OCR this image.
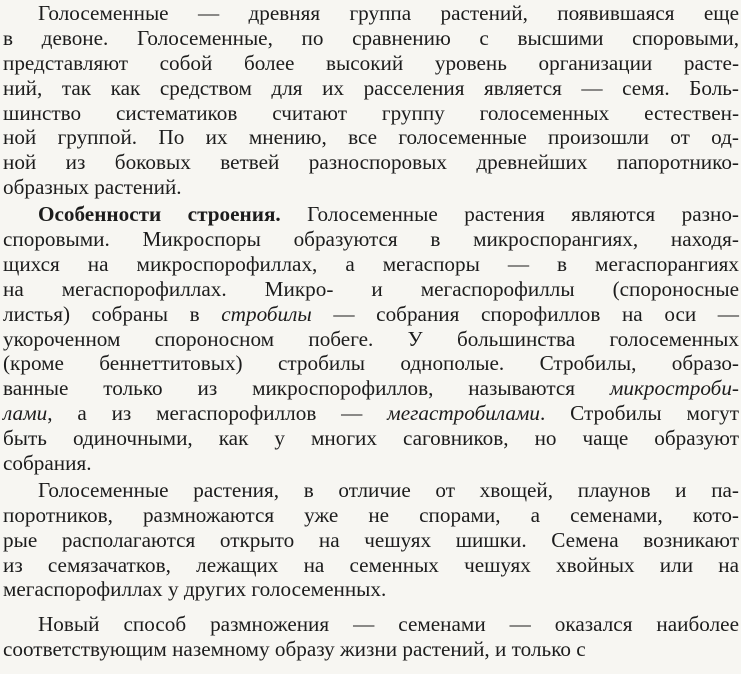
Голосеменные — древняя группа растений, появившаяся еще
в девоне. Голосеменные, по сравнению с высшими споровыми,
представляют собой более высокий уровень организации расте-
ний, так как средством для их расселения является — семя. Боль-
шинство систематиков считают группу голосеменных естествен-
ной группой. По их мнению, все голосеменные произошли от од-
ной из боковых ветвей разноспоровых древнейших папоротнико-
образных растений.
Особенности строения. Голосеменные растения являются разно-
споровыми. Микроспоры образуются в микроспорангиях, находя-
щихся на микроспорофиллах, а мегаспоры — в мегаспорангиях
на мегаспорофиллах. Микро- и мегаспорофиллы (спороносные
листья) собраны в стробилы — собрания спорофиллов на оси —
укороченном спороносном побеге. У большинства голосеменных
(кроме беннеттитовых) стробилы однополые. Стробилы, образо-
ванные только из микроспорофиллов, называются микростроби-
лами, а из мегаспорофиллов — мегастробилами. Стробилы могут
быть одиночными, как у многих саговников, но чаще образуют
собрания.
Голосеменные растения, в отличие от хвощей, плаунов и па-
поротников, размножаются уже не спорами, а семенами, кото-
рые располагаются открыто на чешуях шишки. Семена возникают
из семязачатков, лежащих на семенных чешуях хвойных или на
мегаспорофиллах у других голосеменных.
Новый способ размножения — семенами — оказался наиболее
соответствующим наземному образу жизни растений, и только с
